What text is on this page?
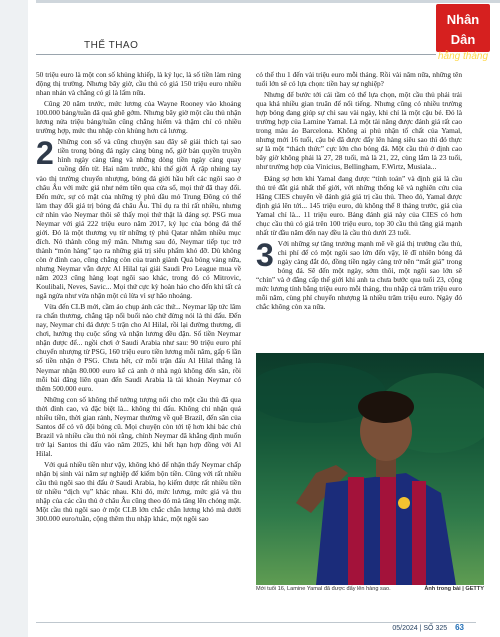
THỂ THAO
Nhân Dân
hằng tháng

50 triệu euro là một con số khủng khiếp, là kỷ lục, là số tiền làm rúng động thị trường. Nhưng bây giờ, cầu thủ có giá 150 triệu euro nhiều nhan nhản và chẳng có gì là lấm nữa.

Cũng 20 năm trước, mức lương của Wayne Rooney vào khoảng 100.000 bảng/tuần đã quá ghê gớm. Nhưng bây giờ một cầu thủ nhận lương nửa triệu bảng/tuần cũng chẳng hiếm và thậm chí có nhiều trường hợp, mức thu nhập còn khủng hơn cả lương.

2 Những con số và cũng chuyện sau đây sẽ giải thích tại sao tiền trong bóng đá ngày càng bùng nổ, giờ bản quyền truyền hình ngày càng tăng và những dòng tiền ngày càng quay cuồng đến từ. Hai năm trước, khi thế giới Ả rập nhúng tay vào thị trường chuyển nhượng, bóng đá giới hầu hết các ngôi sao ở châu Âu với mức giá như ném tiền qua cửa sổ, mọi thứ đã thay đổi. Đến mức, sự có mặt của những tỷ phú dầu mỏ Trung Đông có thể làm thay đổi giá trị bóng đá châu Âu. Thì dụ ra thì rất nhiều, nhưng cứ nhìn vào Neymar thôi sẽ thấy mọi thứ thật là đáng sợ. PSG mua Neymar với giá 222 triệu euro năm 2017, kỷ lục của bóng đá thế giới. Đó là một thương vụ từ những tỷ phú Qatar nhằm nhiều mục đích. Nó thành công mỹ mãn. Nhưng sau đó, Neymar tiếp tục trở thành “món hàng” tạo ra những giá trị siêu phẩm khó đỡ. Dù không còn ở đỉnh cao, cũng chẳng còn của tranh giành Quả bóng vàng nữa, nhưng Neymar vẫn được Al Hilal tại giải Saudi Pro League mua về năm 2023 cũng hàng loạt ngôi sao khác, trong đó có Mitrovic, Koulibali, Neves, Savic... Mọi thứ cực kỳ hoàn hảo cho đến khi tất cả ngã ngửa như vừa nhận một cú lừa vì sự hão nhoáng.

Vừa đến CLB mới, cầm áo chụp ảnh các thứ... Neymar lập tức lâm ra chấn thương, chẳng tập nổi buổi nào chứ đừng nói là thi đấu. Đến nay, Neymar chỉ đá được 5 trận cho Al Hilal, rồi lại đường thương, dì chơi, hướng thụ cuộc sống và nhận lương đều đặn. Số tiền Neymar nhận được để... ngồi chơi ở Saudi Arabia như sau: 90 triệu euro phí chuyển nhượng từ PSG, 160 triệu euro tiền lương mỗi năm, gấp 6 lần số tiền nhận ở PSG. Chưa hết, cứ mỗi trận đấu Al Hilal thắng là Neymar nhận 80.000 euro kể cả anh ở nhà ngủ không đến sân, rồi mỗi bài đăng liên quan đến Saudi Arabia là tài khoản Neymar có thêm 500.000 euro.

Những con số không thể tưởng tượng nổi cho một cầu thủ đã qua thời đỉnh cao, và đặc biệt là... không thi đấu. Không chỉ nhận quá nhiều tiền, thời gian rảnh, Neymar thường về quê Brazil, đến sân của Santos để có vô đội bóng cũ. Mọi chuyện còn tới tệ hơn khi bác chủ Brazil và nhiều cầu thủ nói rằng, chính Neymar đã khẳng định muốn trở lại Santos thi đấu vào năm 2025, khi hết hạn hợp đồng với Al Hilal.

Với quá nhiều tiền như vậy, không khó để nhận thấy Neymar chấp nhận bị sinh vài năm sự nghiệp để kiếm bộn tiền. Cũng với rất nhiều cầu thủ ngôi sao thi đấu ở Saudi Arabia, họ kiếm được rất nhiều tiền từ nhiều “dịch vụ” khác nhau. Khi đó, mức lương, mức giá và thu nhập của các cầu thủ ở châu Âu cũng theo đó mà tăng lên chóng mặt. Một cầu thủ ngôi sao ở một CLB lớn chắc chắn lương khó mà dưới 300.000 euro/tuần, cộng thêm thu nhập khác, một ngôi sao

có thể thu 1 đến vài triệu euro mỗi tháng. Rồi vài năm nữa, những tên tuổi lớn sẽ có lựa chọn: tiền hay sự nghiệp?

Nhưng để bước tới cái tầm có thể lựa chọn, một cầu thủ phải trải qua khá nhiều gian truân để nổi tiếng. Nhưng cũng có nhiều trường hợp bóng đang giúp sự chi sau vài ngày, khi chỉ là một cậu bé. Đó là trường hợp của Lamine Yamal. Là một tài năng được đánh giá rất cao trong màu áo Barcelona. Không ai phủ nhận tố chất của Yamal, nhưng mới 16 tuổi, cậu bé đã được đẩy lên hàng siêu sao thì đó thực sự là một “thách thức” cực lớn cho bóng đá. Một cầu thủ ở định cao bây giờ không phải là 27, 28 tuổi, mà là 21, 22, cùng lắm là 23 tuổi, như trường hợp của Vinicius, Bellingham, F.Wirtz, Musiala...

Đáng sợ hơn khi Yamal đang được “tính toán” và định giá là cầu thủ trẻ đắt giá nhất thế giới, với những thống kê và nghiên cứu của Hãng CIES chuyên về đánh giá giá trị cầu thủ. Theo đó, Yamal được định giá lên tới... 145 triệu euro, dù không thể 8 tháng trước, giá của Yamal chỉ là... 11 triệu euro. Bảng đánh giá này của CIES có hơn chục cầu thủ có giá trên 100 triệu euro, top 30 cầu thủ tăng giá mạnh nhất từ đầu năm đến nay đều là cầu thủ dưới 23 tuổi.

3 Với những sự tăng trưởng mạnh mẽ về giá thị trường cầu thủ, chi phí để có một ngôi sao lớn đến vậy, lẽ đĩ nhiên bóng đá ngày càng đắt đỏ, đồng tiền ngày càng trở nên “mất giá” trong bóng đá. Sẽ đến một ngày, sớm thôi, một ngôi sao lớn sẽ “chín” và ở đẳng cấp thế giới khi anh ta chưa bước qua tuổi 23, cộng mức lương tính bằng triệu euro mỗi tháng, thu nhập cả trăm triệu euro mỗi năm, cùng phí chuyển nhượng là nhiều trăm triệu euro. Ngày đó chắc không còn xa nữa.

Mới tuổi 16, Lamine Yamal đã được đẩy lên hàng sao.	Ảnh trong bài | GETTY
05/2024 | SỐ 325 63
